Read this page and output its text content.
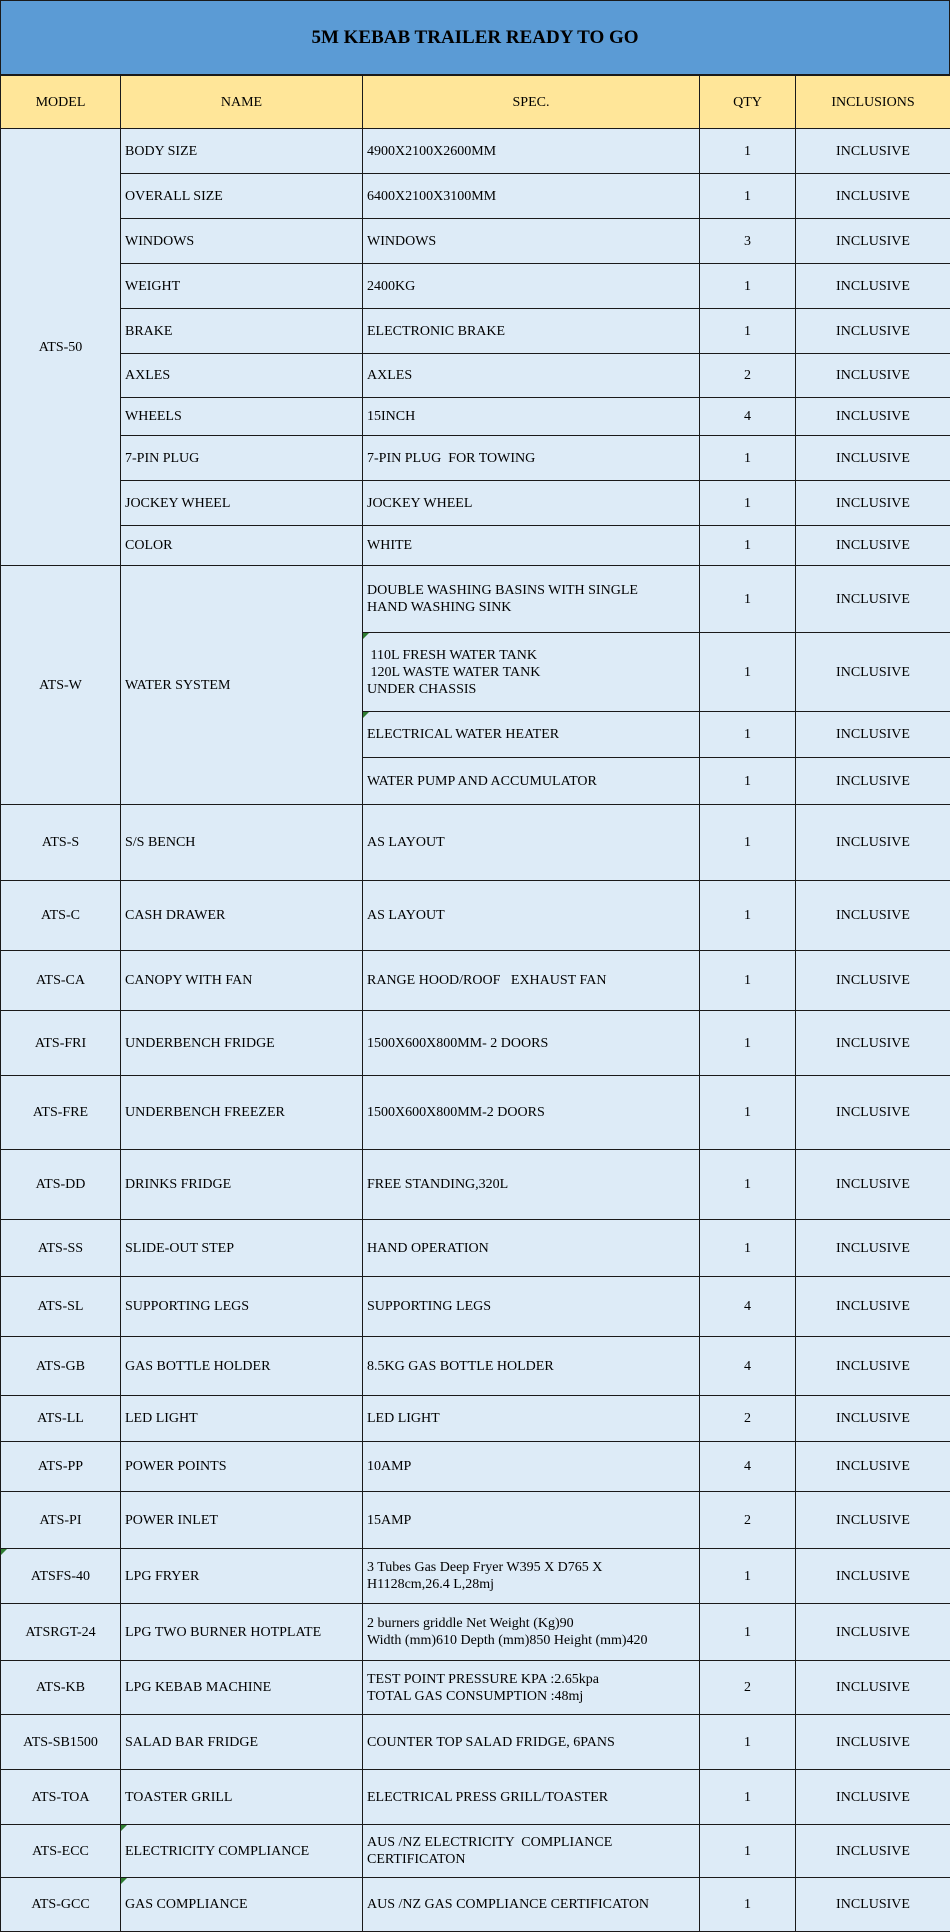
5M KEBAB TRAILER READY TO GO
MODEL	NAME	SPEC.	QTY	INCLUSIONS
ATS-50	BODY SIZE	4900X2100X2600MM	1	INCLUSIVE
	OVERALL SIZE	6400X2100X3100MM	1	INCLUSIVE
	WINDOWS	WINDOWS	3	INCLUSIVE
	WEIGHT	2400KG	1	INCLUSIVE
	BRAKE	ELECTRONIC BRAKE	1	INCLUSIVE
	AXLES	AXLES	2	INCLUSIVE
	WHEELS	15INCH	4	INCLUSIVE
	7-PIN PLUG	7-PIN PLUG  FOR TOWING	1	INCLUSIVE
	JOCKEY WHEEL	JOCKEY WHEEL	1	INCLUSIVE
	COLOR	WHITE	1	INCLUSIVE
ATS-W	WATER SYSTEM	DOUBLE WASHING BASINS WITH SINGLE
HAND WASHING SINK	1	INCLUSIVE

		110L FRESH WATER TANK
120L WASTE WATER TANK
UNDER CHASSIS	1	INCLUSIVE

		ELECTRICAL WATER HEATER	1	INCLUSIVE

		WATER PUMP AND ACCUMULATOR	1	INCLUSIVE
ATS-S	S/S BENCH	AS LAYOUT	1	INCLUSIVE
ATS-C	CASH DRAWER	AS LAYOUT	1	INCLUSIVE
ATS-CA	CANOPY WITH FAN	RANGE HOOD/ROOF   EXHAUST FAN	1	INCLUSIVE
ATS-FRI	UNDERBENCH FRIDGE	1500X600X800MM- 2 DOORS	1	INCLUSIVE
ATS-FRE	UNDERBENCH FREEZER	1500X600X800MM-2 DOORS	1	INCLUSIVE
ATS-DD	DRINKS FRIDGE	FREE STANDING,320L	1	INCLUSIVE
ATS-SS	SLIDE-OUT STEP	HAND OPERATION	1	INCLUSIVE
ATS-SL	SUPPORTING LEGS	SUPPORTING LEGS	4	INCLUSIVE
ATS-GB	GAS BOTTLE HOLDER	8.5KG GAS BOTTLE HOLDER	4	INCLUSIVE
ATS-LL	LED LIGHT	LED LIGHT	2	INCLUSIVE
ATS-PP	POWER POINTS	10AMP	4	INCLUSIVE
ATS-PI	POWER INLET	15AMP	2	INCLUSIVE
ATSFS-40	LPG FRYER	3 Tubes Gas Deep Fryer W395 X D765 X
H1128cm,26.4 L,28mj	1	INCLUSIVE
ATSRGT-24	LPG TWO BURNER HOTPLATE	2 burners griddle Net Weight (Kg)90
Width (mm)610 Depth (mm)850 Height (mm)420	1	INCLUSIVE
ATS-KB	LPG KEBAB MACHINE	TEST POINT PRESSURE KPA :2.65kpa
TOTAL GAS CONSUMPTION :48mj	2	INCLUSIVE
ATS-SB1500	SALAD BAR FRIDGE	COUNTER TOP SALAD FRIDGE, 6PANS	1	INCLUSIVE
ATS-TOA	TOASTER GRILL	ELECTRICAL PRESS GRILL/TOASTER	1	INCLUSIVE
ATS-ECC	ELECTRICITY COMPLIANCE	AUS /NZ ELECTRICITY  COMPLIANCE
CERTIFICATON	1	INCLUSIVE
ATS-GCC	GAS COMPLIANCE	AUS /NZ GAS COMPLIANCE CERTIFICATON	1	INCLUSIVE
